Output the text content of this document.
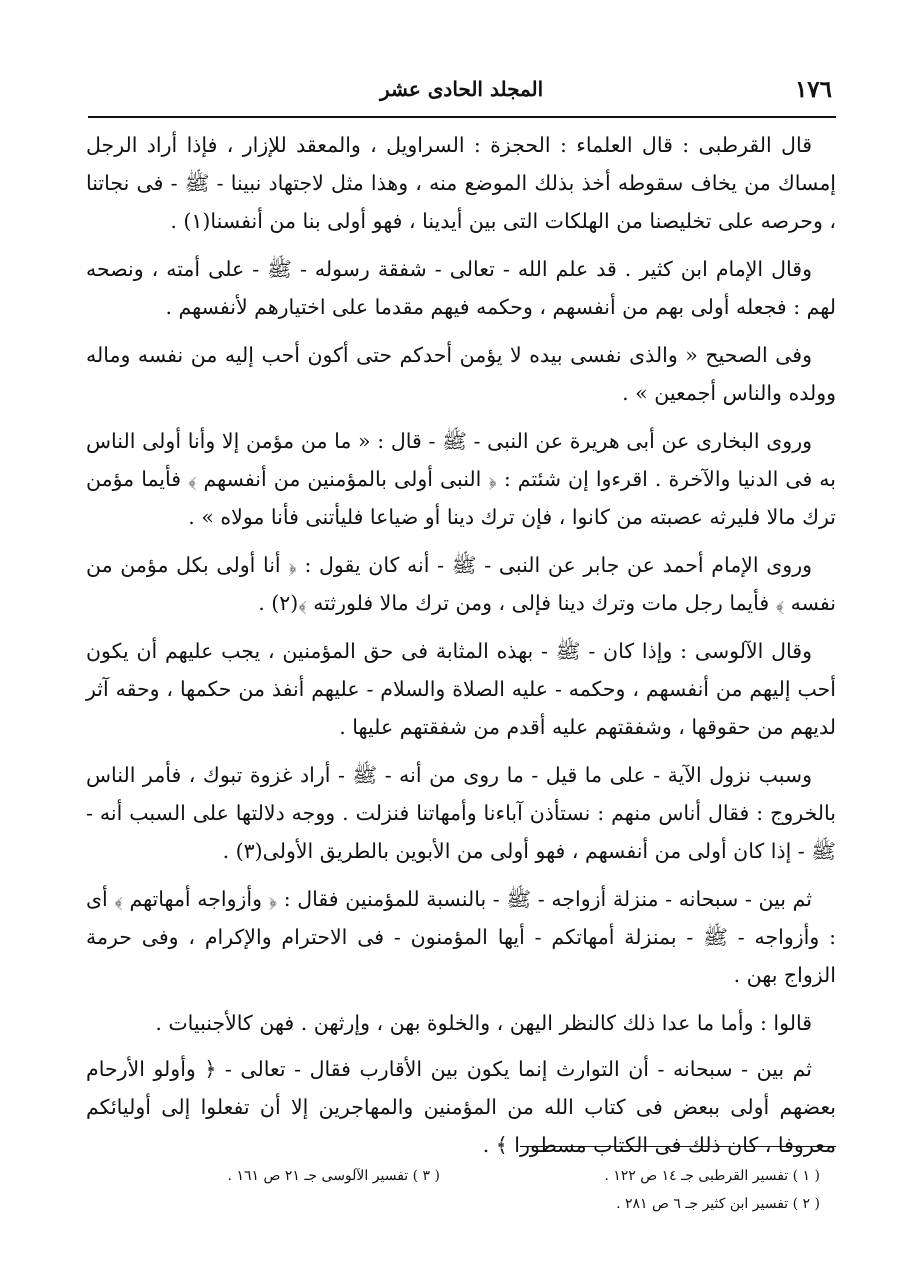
١٧٦
المجلد الحادى عشر

قال القرطبى : قال العلماء : الحجزة : السراويل ، والمعقد للإزار ، فإذا أراد الرجل إمساك من يخاف سقوطه أخذ بذلك الموضع منه ، وهذا مثل لاجتهاد نبينا - ﷺ - فى نجاتنا ، وحرصه على تخليصنا من الهلكات التى بين أيدينا ، فهو أولى بنا من أنفسنا(١) .

وقال الإمام ابن كثير . قد علم الله - تعالى - شفقة رسوله - ﷺ - على أمته ، ونصحه لهم : فجعله أولى بهم من أنفسهم ، وحكمه فيهم مقدما على اختيارهم لأنفسهم .

وفى الصحيح « والذى نفسى بيده لا يؤمن أحدكم حتى أكون أحب إليه من نفسه وماله وولده والناس أجمعين » .

وروى البخارى عن أبى هريرة عن النبى - ﷺ - قال : « ما من مؤمن إلا وأنا أولى الناس به فى الدنيا والآخرة . اقرءوا إن شئتم : ﴿ النبى أولى بالمؤمنين من أنفسهم ﴾ فأيما مؤمن ترك مالا فليرثه عصبته من كانوا ، فإن ترك دينا أو ضياعا فليأتنى فأنا مولاه » .

وروى الإمام أحمد عن جابر عن النبى - ﷺ - أنه كان يقول : ﴿ أنا أولى بكل مؤمن من نفسه ﴾ فأيما رجل مات وترك دينا فإلى ، ومن ترك مالا فلورثته ﴾(٢) .

وقال الآلوسى : وإذا كان - ﷺ - بهذه المثابة فى حق المؤمنين ، يجب عليهم أن يكون أحب إليهم من أنفسهم ، وحكمه - عليه الصلاة والسلام - عليهم أنفذ من حكمها ، وحقه آثر لديهم من حقوقها ، وشفقتهم عليه أقدم من شفقتهم عليها .

وسبب نزول الآية - على ما قيل - ما روى من أنه - ﷺ - أراد غزوة تبوك ، فأمر الناس بالخروج : فقال أناس منهم : نستأذن آباءنا وأمهاتنا فنزلت . ووجه دلالتها على السبب أنه - ﷺ - إذا كان أولى من أنفسهم ، فهو أولى من الأبوين بالطريق الأولى(٣) .

ثم بين - سبحانه - منزلة أزواجه - ﷺ - بالنسبة للمؤمنين فقال : ﴿ وأزواجه أمهاتهم ﴾ أى : وأزواجه - ﷺ - بمنزلة أمهاتكم - أيها المؤمنون - فى الاحترام والإكرام ، وفى حرمة الزواج بهن .

قالوا : وأما ما عدا ذلك كالنظر اليهن ، والخلوة بهن ، وإرثهن . فهن كالأجنبيات .

ثم بين - سبحانه - أن التوارث إنما يكون بين الأقارب فقال - تعالى - ﴿ وأولو الأرحام بعضهم أولى ببعض فى كتاب الله من المؤمنين والمهاجرين إلا أن تفعلوا إلى أوليائكم معروفا ، كان ذلك فى الكتاب مسطورا ﴾ .

( ١ ) تفسير القرطبى جـ ١٤ ص ١٢٢ .
( ٢ ) تفسير ابن كثير جـ ٦ ص ٢٨١ .
( ٣ ) تفسير الآلوسى جـ ٢١ ص ١٦١ .
